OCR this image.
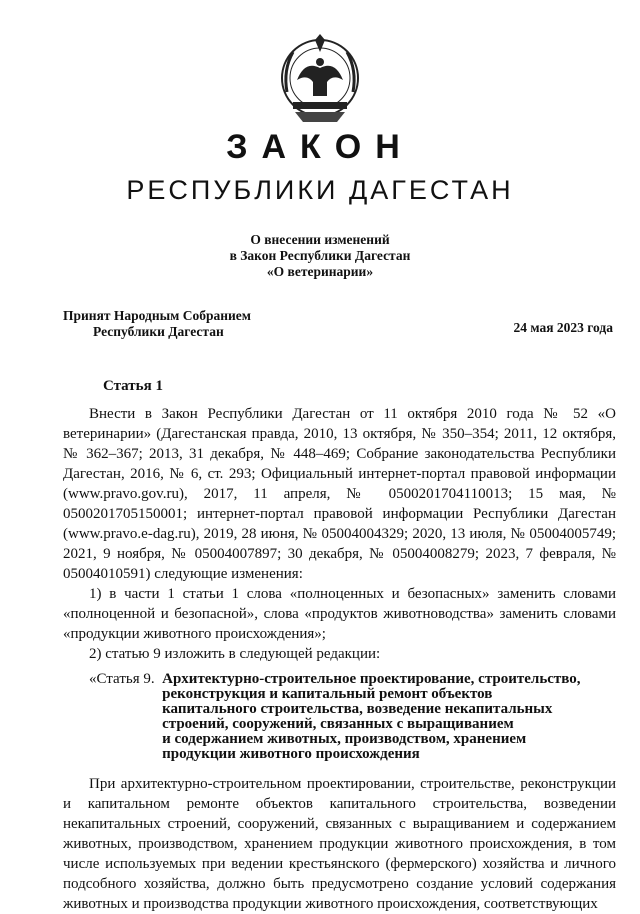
ЗАКОН
РЕСПУБЛИКИ ДАГЕСТАН
О внесении изменений
в Закон Республики Дагестан
«О ветеринарии»
Принят Народным Собранием
Республики Дагестан	24 мая 2023 года
Статья 1

Внести в Закон Республики Дагестан от 11 октября 2010 года № 52 «О ветеринарии» (Дагестанская правда, 2010, 13 октября, № 350–354; 2011, 12 октября, № 362–367; 2013, 31 декабря, № 448–469; Собрание законодательства Республики Дагестан, 2016, № 6, ст. 293; Официальный интернет-портал правовой информации (www.pravo.gov.ru), 2017, 11 апреля, № 0500201704110013; 15 мая, № 0500201705150001; интернет-портал правовой информации Республики Дагестан (www.pravo.e-dag.ru), 2019, 28 июня, № 05004004329; 2020, 13 июля, № 05004005749; 2021, 9 ноября, № 05004007897; 30 декабря, № 05004008279; 2023, 7 февраля, № 05004010591) следующие изменения:

1) в части 1 статьи 1 слова «полноценных и безопасных» заменить словами «полноценной и безопасной», слова «продуктов животноводства» заменить словами «продукции животного происхождения»;

2) статью 9 изложить в следующей редакции:

«Статья 9.
Архитектурно-строительное проектирование, строительство,
реконструкция и капитальный ремонт объектов
капитального строительства, возведение некапитальных
строений, сооружений, связанных с выращиванием
и содержанием животных, производством, хранением
продукции животного происхождения

При архитектурно-строительном проектировании, строительстве, реконструкции и капитальном ремонте объектов капитального строительства, возведении некапитальных строений, сооружений, связанных с выращиванием и содержанием животных, производством, хранением продукции животного происхождения, в том числе используемых при ведении крестьянского (фермерского) хозяйства и личного подсобного хозяйства, должно быть предусмотрено создание условий содержания животных и производства продукции животного происхождения, соответствующих
